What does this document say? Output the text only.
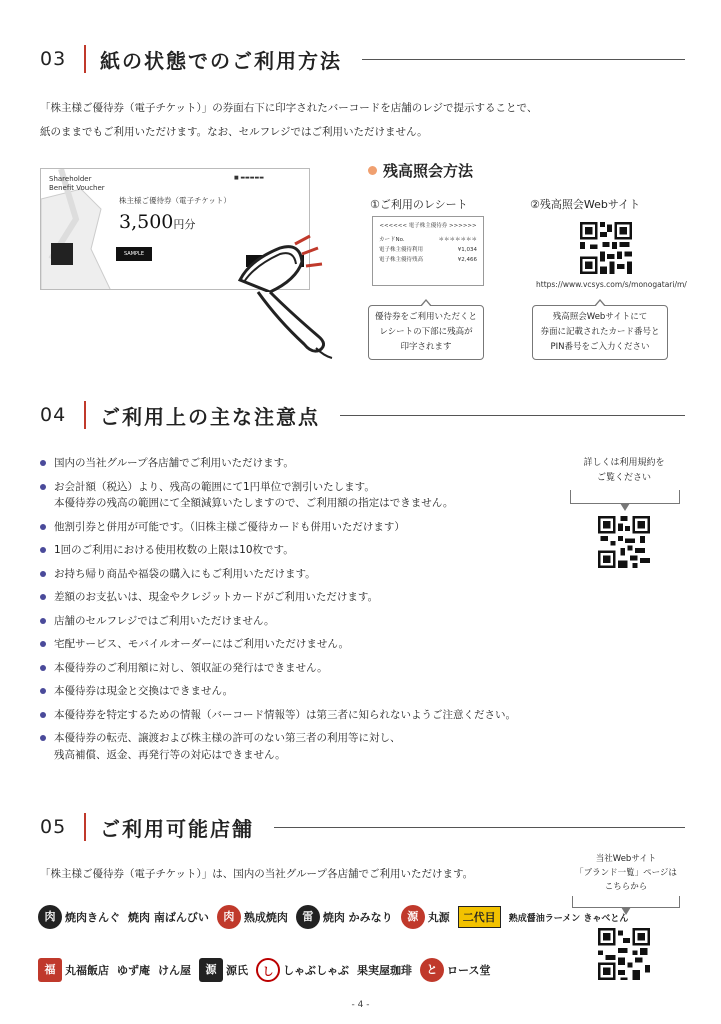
03	紙の状態でのご利用方法
「株主様ご優待券（電子チケット）」の券面右下に印字されたバーコードを店舗のレジで提示することで、
紙のままでもご利用いただけます。なお、セルフレジではご利用いただけません。
Shareholder
Benefit Voucher
株主様ご優待券（電子チケット）
■ ▬▬▬▬▬
3,500円分
SAMPLE
残高照会方法
①ご利用のレシート	②残高照会Webサイト
<<<<<< 電子株主優待券 >>>>>>
カードNo.	＊＊＊＊＊＊＊
電子株主優待利用	¥1,034
電子株主優待残高	¥2,466
https://www.vcsys.com/s/monogatari/m/
優待券をご利用いただくと
レシートの下部に残高が
印字されます
残高照会Webサイトにて
券面に記載されたカード番号と
PIN番号をご入力ください
04	ご利用上の主な注意点
国内の当社グループ各店舗でご利用いただけます。
お会計額（税込）より、残高の範囲にて1円単位で割引いたします。
本優待券の残高の範囲にて全額減算いたしますので、ご利用額の指定はできません。
他割引券と併用が可能です。（旧株主様ご優待カードも併用いただけます）
1回のご利用における使用枚数の上限は10枚です。
お持ち帰り商品や福袋の購入にもご利用いただけます。
差額のお支払いは、現金やクレジットカードがご利用いただけます。
店舗のセルフレジではご利用いただけません。
宅配サービス、モバイルオーダーにはご利用いただけません。
本優待券のご利用額に対し、領収証の発行はできません。
本優待券は現金と交換はできません。
本優待券を特定するための情報（バーコード情報等）は第三者に知られないようご注意ください。
本優待券の転売、譲渡および株主様の許可のない第三者の利用等に対し、
残高補償、返金、再発行等の対応はできません。
詳しくは利用規約を
ご覧ください
05	ご利用可能店舗
「株主様ご優待券（電子チケット）」は、国内の当社グループ各店舗でご利用いただけます。
当社Webサイト
「ブランド一覧」ページは
こちらから
肉 焼肉きんぐ 焼肉 南ばんびい	肉 熟成焼肉	雷 焼肉 かみなり	源 丸源	二代目	熟成醤油ラーメン きゃべとん
福 丸福飯店 ゆず庵 けん屋	源 源氏	し しゃぶしゃぶ 果実屋珈琲	と ロース堂
- 4 -
